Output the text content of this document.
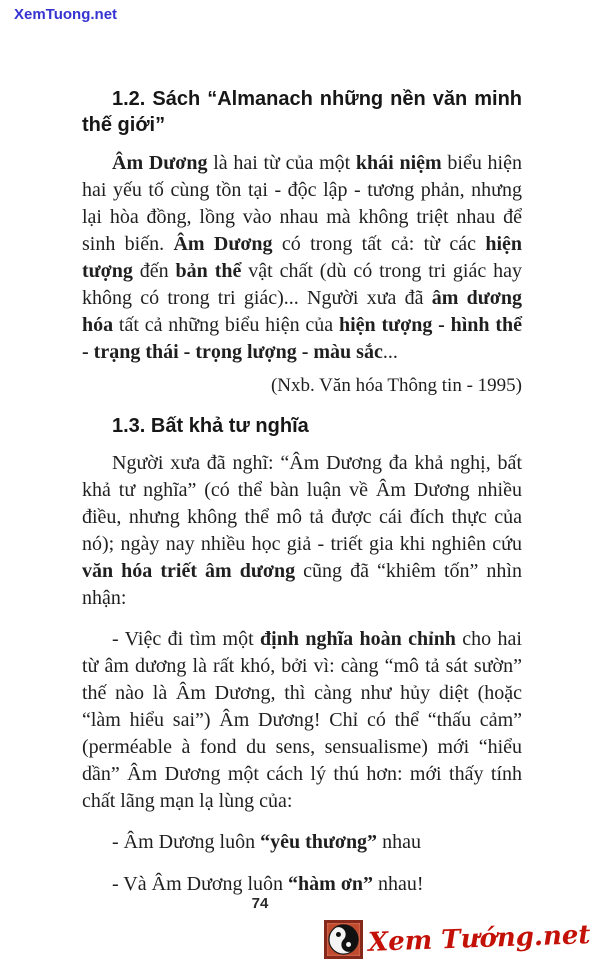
XemTuong.net
1.2. Sách “Almanach những nền văn minh thế giới”

Âm Dương là hai từ của một khái niệm biểu hiện hai yếu tố cùng tồn tại - độc lập - tương phản, nhưng lại hòa đồng, lồng vào nhau mà không triệt nhau để sinh biến. Âm Dương có trong tất cả: từ các hiện tượng đến bản thể vật chất (dù có trong tri giác hay không có trong tri giác)... Người xưa đã âm dương hóa tất cả những biểu hiện của hiện tượng - hình thể - trạng thái - trọng lượng - màu sắc...

(Nxb. Văn hóa Thông tin - 1995)

1.3. Bất khả tư nghĩa

Người xưa đã nghĩ: “Âm Dương đa khả nghị, bất khả tư nghĩa” (có thể bàn luận về Âm Dương nhiều điều, nhưng không thể mô tả được cái đích thực của nó); ngày nay nhiều học giả - triết gia khi nghiên cứu văn hóa triết âm dương cũng đã “khiêm tốn” nhìn nhận:

- Việc đi tìm một định nghĩa hoàn chỉnh cho hai từ âm dương là rất khó, bởi vì: càng “mô tả sát sườn” thế nào là Âm Dương, thì càng như hủy diệt (hoặc “làm hiểu sai”) Âm Dương! Chỉ có thể “thấu cảm” (perméable à fond du sens, sensualisme) mới “hiểu dần” Âm Dương một cách lý thú hơn: mới thấy tính chất lãng mạn lạ lùng của:

- Âm Dương luôn “yêu thương” nhau

- Và Âm Dương luôn “hàm ơn” nhau!

74
Xem Tướng.net
